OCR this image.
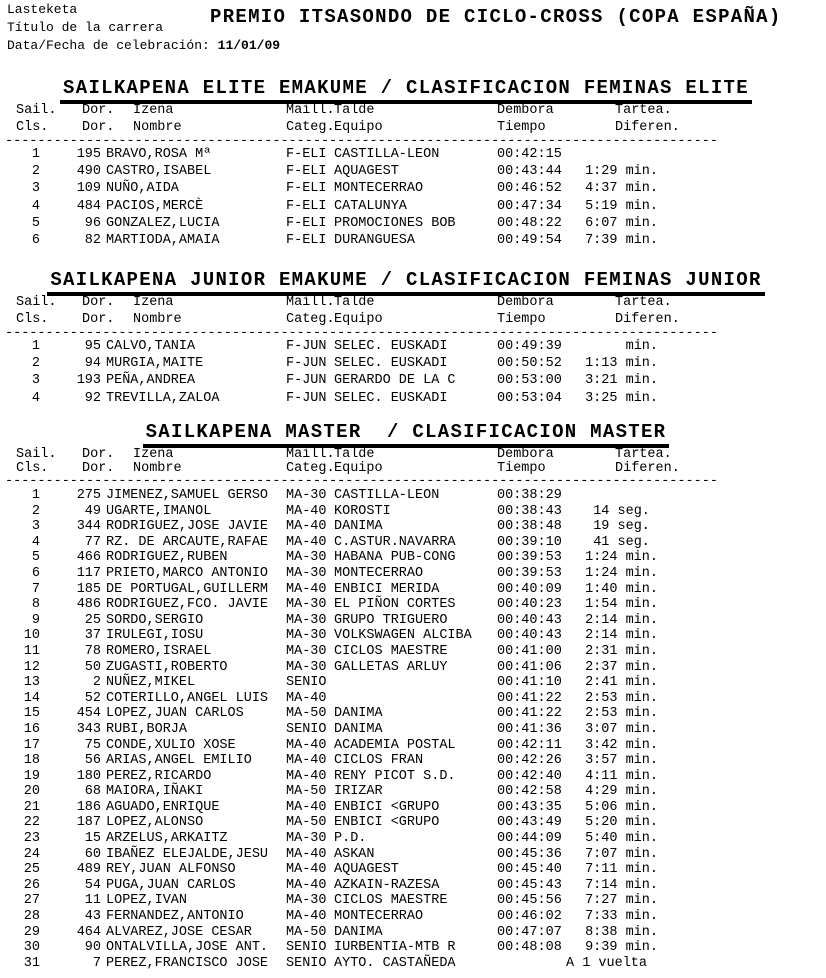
Lasteketa
Título de la carrera
Data/Fecha de celebración: 11/01/09
PREMIO ITSASONDO DE CICLO-CROSS (COPA ESPAÑA)
SAILKAPENA ELITE EMAKUME / CLASIFICACION FEMINAS ELITE
Sail. Dor. Izena	Maill. Talde	Dembora	Tartea.
Cls. Dor. Nombre	Categ. Equipo	Tiempo	Diferen.
----------------------------------------------------------------------------------------
1	195 BRAVO,ROSA Mª	F-ELI CASTILLA-LEON	00:42:15
2	490 CASTRO,ISABEL	F-ELI AQUAGEST	00:43:44	1:29 min.
3	109 NUÑO,AIDA	F-ELI MONTECERRAO	00:46:52	4:37 min.
4	484 PACIOS,MERCÈ	F-ELI CATALUNYA	00:47:34	5:19 min.
5	96 GONZALEZ,LUCIA	F-ELI PROMOCIONES BOB	00:48:22	6:07 min.
6	82 MARTIODA,AMAIA	F-ELI DURANGUESA	00:49:54	7:39 min.
SAILKAPENA JUNIOR EMAKUME / CLASIFICACION FEMINAS JUNIOR
Sail. Dor. Izena	Maill. Talde	Dembora	Tartea.
Cls. Dor. Nombre	Categ. Equipo	Tiempo	Diferen.
----------------------------------------------------------------------------------------
1	95 CALVO,TANIA	F-JUN SELEC. EUSKADI	00:49:39	min.
2	94 MURGIA,MAITE	F-JUN SELEC. EUSKADI	00:50:52	1:13 min.
3	193 PEÑA,ANDREA	F-JUN GERARDO DE LA C	00:53:00	3:21 min.
4	92 TREVILLA,ZALOA	F-JUN SELEC. EUSKADI	00:53:04	3:25 min.
SAILKAPENA MASTER  / CLASIFICACION MASTER
Sail. Dor. Izena	Maill. Talde	Dembora	Tartea.
Cls. Dor. Nombre	Categ. Equipo	Tiempo	Diferen.
----------------------------------------------------------------------------------------
1	275 JIMENEZ,SAMUEL GERSO	MA-30 CASTILLA-LEON	00:38:29
2	49 UGARTE,IMANOL	MA-40 KOROSTI	00:38:43	14 seg.
3	344 RODRIGUEZ,JOSE JAVIE	MA-40 DANIMA	00:38:48	19 seg.
4	77 RZ. DE ARCAUTE,RAFAE	MA-40 C.ASTUR.NAVARRA	00:39:10	41 seg.
5	466 RODRIGUEZ,RUBEN	MA-30 HABANA PUB-CONG	00:39:53	1:24 min.
6	117 PRIETO,MARCO ANTONIO	MA-30 MONTECERRAO	00:39:53	1:24 min.
7	185 DE PORTUGAL,GUILLERM	MA-40 ENBICI MERIDA	00:40:09	1:40 min.
8	486 RODRIGUEZ,FCO. JAVIE	MA-30 EL PIÑON CORTES	00:40:23	1:54 min.
9	25 SORDO,SERGIO	MA-30 GRUPO TRIGUERO	00:40:43	2:14 min.
10	37 IRULEGI,IOSU	MA-30 VOLKSWAGEN ALCIBA	00:40:43	2:14 min.
11	78 ROMERO,ISRAEL	MA-30 CICLOS MAESTRE	00:41:00	2:31 min.
12	50 ZUGASTI,ROBERTO	MA-30 GALLETAS ARLUY	00:41:06	2:37 min.
13	2 NUÑEZ,MIKEL	SENIO	00:41:10	2:41 min.
14	52 COTERILLO,ANGEL LUIS	MA-40	00:41:22	2:53 min.
15	454 LOPEZ,JUAN CARLOS	MA-50 DANIMA	00:41:22	2:53 min.
16	343 RUBI,BORJA	SENIO DANIMA	00:41:36	3:07 min.
17	75 CONDE,XULIO XOSE	MA-40 ACADEMIA POSTAL	00:42:11	3:42 min.
18	56 ARIAS,ANGEL EMILIO	MA-40 CICLOS FRAN	00:42:26	3:57 min.
19	180 PEREZ,RICARDO	MA-40 RENY PICOT S.D.	00:42:40	4:11 min.
20	68 MAIORA,IÑAKI	MA-50 IRIZAR	00:42:58	4:29 min.
21	186 AGUADO,ENRIQUE	MA-40 ENBICI <GRUPO	00:43:35	5:06 min.
22	187 LOPEZ,ALONSO	MA-50 ENBICI <GRUPO	00:43:49	5:20 min.
23	15 ARZELUS,ARKAITZ	MA-30 P.D.	00:44:09	5:40 min.
24	60 IBAÑEZ ELEJALDE,JESU	MA-40 ASKAN	00:45:36	7:07 min.
25	489 REY,JUAN ALFONSO	MA-40 AQUAGEST	00:45:40	7:11 min.
26	54 PUGA,JUAN CARLOS	MA-40 AZKAIN-RAZESA	00:45:43	7:14 min.
27	11 LOPEZ,IVAN	MA-30 CICLOS MAESTRE	00:45:56	7:27 min.
28	43 FERNANDEZ,ANTONIO	MA-40 MONTECERRAO	00:46:02	7:33 min.
29	464 ALVAREZ,JOSE CESAR	MA-50 DANIMA	00:47:07	8:38 min.
30	90 ONTALVILLA,JOSE ANT.	SENIO IURBENTIA-MTB R	00:48:08	9:39 min.
31	7 PEREZ,FRANCISCO JOSE	SENIO AYTO. CASTAÑEDA	A 1 vuelta
